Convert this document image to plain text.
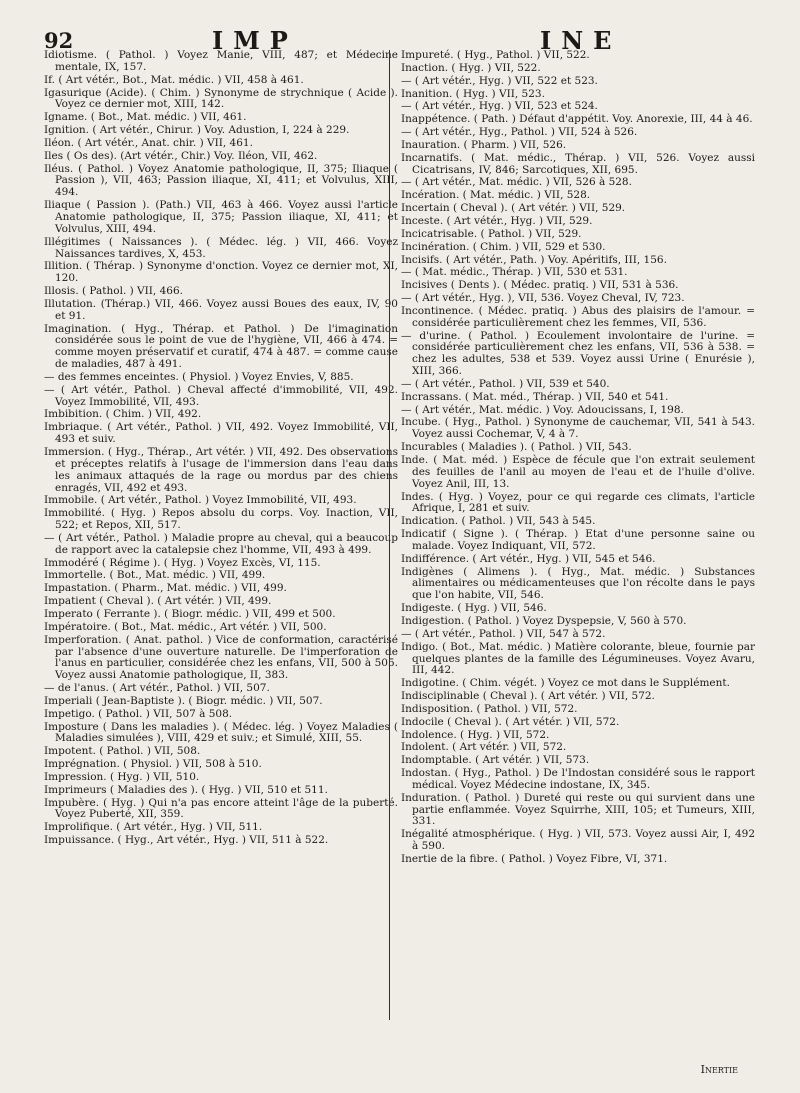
92	IMP	INE
Idiotisme. ( Pathol. ) Voyez Manie, VIII, 487; et Médecine mentale, IX, 157.
If. ( Art vétér., Bot., Mat. médic. ) VII, 458 à 461.
Igasurique (Acide). ( Chim. ) Synonyme de strychnique ( Acide ). Voyez ce dernier mot, XIII, 142.
Igname. ( Bot., Mat. médic. ) VII, 461.
Ignition. ( Art vétér., Chirur. ) Voy. Adustion, I, 224 à 229.
Iléon. ( Art vétér., Anat. chir. ) VII, 461.
Iles ( Os des). (Art vétér., Chir.) Voy. Iléon, VII, 462.
Iléus. ( Pathol. ) Voyez Anatomie pathologique, II, 375; Iliaque ( Passion ), VII, 463; Passion iliaque, XI, 411; et Volvulus, XIII, 494.
Iliaque ( Passion ). (Path.) VII, 463 à 466. Voyez aussi l'article Anatomie pathologique, II, 375; Passion iliaque, XI, 411; et Volvulus, XIII, 494.
Illégitimes ( Naissances ). ( Médec. lég. ) VII, 466. Voyez Naissances tardives, X, 453.
Illition. ( Thérap. ) Synonyme d'onction. Voyez ce dernier mot, XI, 120.
Illosis. ( Pathol. ) VII, 466.
Illutation. (Thérap.) VII, 466. Voyez aussi Boues des eaux, IV, 90 et 91.
Imagination. ( Hyg., Thérap. et Pathol. ) De l'imagination considérée sous le point de vue de l'hygiène, VII, 466 à 474. = comme moyen préservatif et curatif, 474 à 487. = comme cause de maladies, 487 à 491.
— des femmes enceintes. ( Physiol. ) Voyez Envies, V, 885.
— ( Art vétér., Pathol. ) Cheval affecté d'immobilité, VII, 492. Voyez Immobilité, VII, 493.
Imbibition. ( Chim. ) VII, 492.
Imbriaque. ( Art vétér., Pathol. ) VII, 492. Voyez Immobilité, VII, 493 et suiv.
Immersion. ( Hyg., Thérap., Art vétér. ) VII, 492. Des observations et préceptes relatifs à l'usage de l'immersion dans l'eau dans les animaux attaqués de la rage ou mordus par des chiens enragés, VII, 492 et 493.
Immobile. ( Art vétér., Pathol. ) Voyez Immobilité, VII, 493.
Immobilité. ( Hyg. ) Repos absolu du corps. Voy. Inaction, VII, 522; et Repos, XII, 517.
— ( Art vétér., Pathol. ) Maladie propre au cheval, qui a beaucoup de rapport avec la catalepsie chez l'homme, VII, 493 à 499.
Immodéré ( Régime ). ( Hyg. ) Voyez Excès, VI, 115.
Immortelle. ( Bot., Mat. médic. ) VII, 499.
Impastation. ( Pharm., Mat. médic. ) VII, 499.
Impatient ( Cheval ). ( Art vétér. ) VII, 499.
Imperato ( Ferrante ). ( Biogr. médic. ) VII, 499 et 500.
Impératoire. ( Bot., Mat. médic., Art vétér. ) VII, 500.
Imperforation. ( Anat. pathol. ) Vice de conformation, caractérisé par l'absence d'une ouverture naturelle. De l'imperforation de l'anus en particulier, considérée chez les enfans, VII, 500 à 505. Voyez aussi Anatomie pathologique, II, 383.
— de l'anus. ( Art vétér., Pathol. ) VII, 507.
Imperiali ( Jean-Baptiste ). ( Biogr. médic. ) VII, 507.
Impetigo. ( Pathol. ) VII, 507 à 508.
Imposture ( Dans les maladies ). ( Médec. lég. ) Voyez Maladies ( Maladies simulées ), VIII, 429 et suiv.; et Simulé, XIII, 55.
Impotent. ( Pathol. ) VII, 508.
Imprégnation. ( Physiol. ) VII, 508 à 510.
Impression. ( Hyg. ) VII, 510.
Imprimeurs ( Maladies des ). ( Hyg. ) VII, 510 et 511.
Impubère. ( Hyg. ) Qui n'a pas encore atteint l'âge de la puberté. Voyez Puberté, XII, 359.
Improlifique. ( Art vétér., Hyg. ) VII, 511.
Impuissance. ( Hyg., Art vétér., Hyg. ) VII, 511 à 522.
Impureté. ( Hyg., Pathol. ) VII, 522.
Inaction. ( Hyg. ) VII, 522.
— ( Art vétér., Hyg. ) VII, 522 et 523.
Inanition. ( Hyg. ) VII, 523.
— ( Art vétér., Hyg. ) VII, 523 et 524.
Inappétence. ( Path. ) Défaut d'appétit. Voy. Anorexie, III, 44 à 46.
— ( Art vétér., Hyg., Pathol. ) VII, 524 à 526.
Inauration. ( Pharm. ) VII, 526.
Incarnatifs. ( Mat. médic., Thérap. ) VII, 526. Voyez aussi Cicatrisans, IV, 846; Sarcotiques, XII, 695.
— ( Art vétér., Mat. médic. ) VII, 526 à 528.
Incération. ( Mat. médic. ) VII, 528.
Incertain ( Cheval ). ( Art vétér. ) VII, 529.
Inceste. ( Art vétér., Hyg. ) VII, 529.
Incicatrisable. ( Pathol. ) VII, 529.
Incinération. ( Chim. ) VII, 529 et 530.
Incisifs. ( Art vétér., Path. ) Voy. Apéritifs, III, 156.
— ( Mat. médic., Thérap. ) VII, 530 et 531.
Incisives ( Dents ). ( Médec. pratiq. ) VII, 531 à 536.
— ( Art vétér., Hyg. ), VII, 536. Voyez Cheval, IV, 723.
Incontinence. ( Médec. pratiq. ) Abus des plaisirs de l'amour. = considérée particulièrement chez les femmes, VII, 536.
— d'urine. ( Pathol. ) Ecoulement involontaire de l'urine. = considérée particulièrement chez les enfans, VII, 536 à 538. = chez les adultes, 538 et 539. Voyez aussi Urine ( Enurésie ), XIII, 366.
— ( Art vétér., Pathol. ) VII, 539 et 540.
Incrassans. ( Mat. méd., Thérap. ) VII, 540 et 541.
— ( Art vétér., Mat. médic. ) Voy. Adoucissans, I, 198.
Incube. ( Hyg., Pathol. ) Synonyme de cauchemar, VII, 541 à 543. Voyez aussi Cochemar, V, 4 à 7.
Incurables ( Maladies ). ( Pathol. ) VII, 543.
Inde. ( Mat. méd. ) Espèce de fécule que l'on extrait seulement des feuilles de l'anil au moyen de l'eau et de l'huile d'olive. Voyez Anil, III, 13.
Indes. ( Hyg. ) Voyez, pour ce qui regarde ces climats, l'article Afrique, I, 281 et suiv.
Indication. ( Pathol. ) VII, 543 à 545.
Indicatif ( Signe ). ( Thérap. ) Etat d'une personne saine ou malade. Voyez Indiquant, VII, 572.
Indifférence. ( Art vétér., Hyg. ) VII, 545 et 546.
Indigènes ( Alimens ). ( Hyg., Mat. médic. ) Substances alimentaires ou médicamenteuses que l'on récolte dans le pays que l'on habite, VII, 546.
Indigeste. ( Hyg. ) VII, 546.
Indigestion. ( Pathol. ) Voyez Dyspepsie, V, 560 à 570.
— ( Art vétér., Pathol. ) VII, 547 à 572.
Indigo. ( Bot., Mat. médic. ) Matière colorante, bleue, fournie par quelques plantes de la famille des Légumineuses. Voyez Avaru, III, 442.
Indigotine. ( Chim. végét. ) Voyez ce mot dans le Supplément.
Indisciplinable ( Cheval ). ( Art vétér. ) VII, 572.
Indisposition. ( Pathol. ) VII, 572.
Indocile ( Cheval ). ( Art vétér. ) VII, 572.
Indolence. ( Hyg. ) VII, 572.
Indolent. ( Art vétér. ) VII, 572.
Indomptable. ( Art vétér. ) VII, 573.
Indostan. ( Hyg., Pathol. ) De l'Indostan considéré sous le rapport médical. Voyez Médecine indostane, IX, 345.
Induration. ( Pathol. ) Dureté qui reste ou qui survient dans une partie enflammée. Voyez Squirrhe, XIII, 105; et Tumeurs, XIII, 331.
Inégalité atmosphérique. ( Hyg. ) VII, 573. Voyez aussi Air, I, 492 à 590.
Inertie de la fibre. ( Pathol. ) Voyez Fibre, VI, 371.
Inertie
